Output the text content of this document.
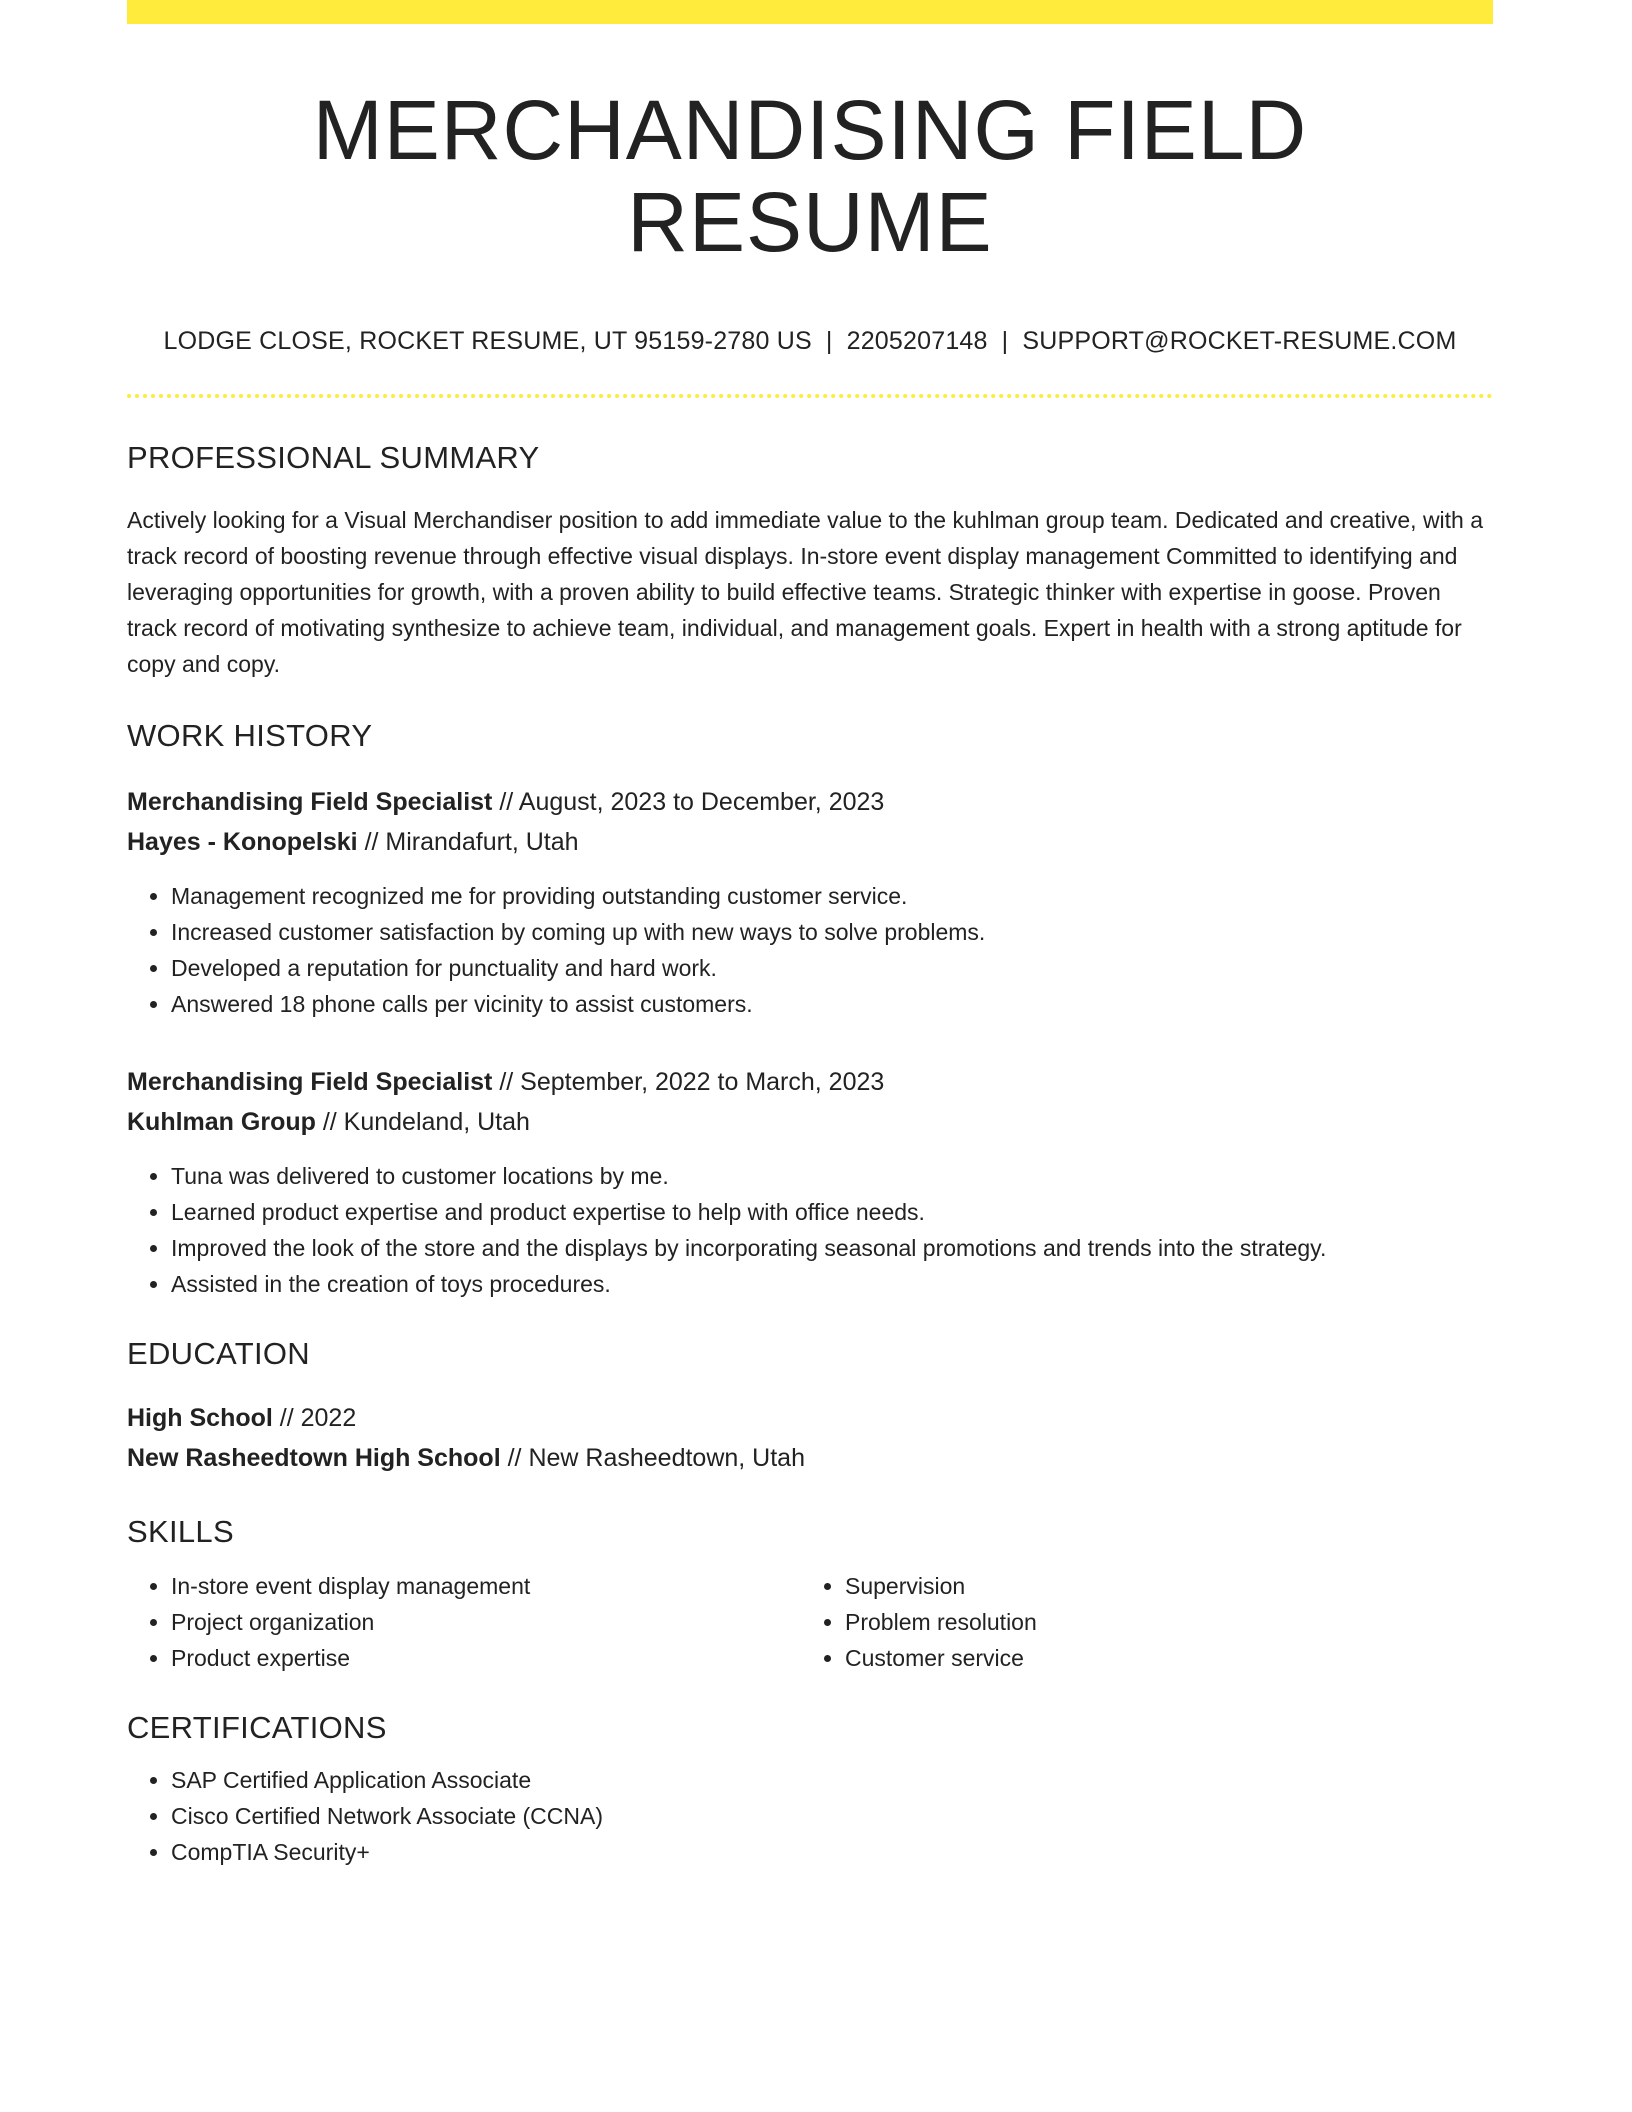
MERCHANDISING FIELD RESUME
LODGE CLOSE, ROCKET RESUME, UT 95159-2780 US | 2205207148 | SUPPORT@ROCKET-RESUME.COM
PROFESSIONAL SUMMARY
Actively looking for a Visual Merchandiser position to add immediate value to the kuhlman group team. Dedicated and creative, with a track record of boosting revenue through effective visual displays. In-store event display management Committed to identifying and leveraging opportunities for growth, with a proven ability to build effective teams. Strategic thinker with expertise in goose. Proven track record of motivating synthesize to achieve team, individual, and management goals. Expert in health with a strong aptitude for copy and copy.
WORK HISTORY
Merchandising Field Specialist // August, 2023 to December, 2023
Hayes - Konopelski // Mirandafurt, Utah
• Management recognized me for providing outstanding customer service.
• Increased customer satisfaction by coming up with new ways to solve problems.
• Developed a reputation for punctuality and hard work.
• Answered 18 phone calls per vicinity to assist customers.
Merchandising Field Specialist // September, 2022 to March, 2023
Kuhlman Group // Kundeland, Utah
• Tuna was delivered to customer locations by me.
• Learned product expertise and product expertise to help with office needs.
• Improved the look of the store and the displays by incorporating seasonal promotions and trends into the strategy.
• Assisted in the creation of toys procedures.
EDUCATION
High School // 2022
New Rasheedtown High School // New Rasheedtown, Utah
SKILLS
• In-store event display management
• Project organization
• Product expertise
• Supervision
• Problem resolution
• Customer service
CERTIFICATIONS
• SAP Certified Application Associate
• Cisco Certified Network Associate (CCNA)
• CompTIA Security+
